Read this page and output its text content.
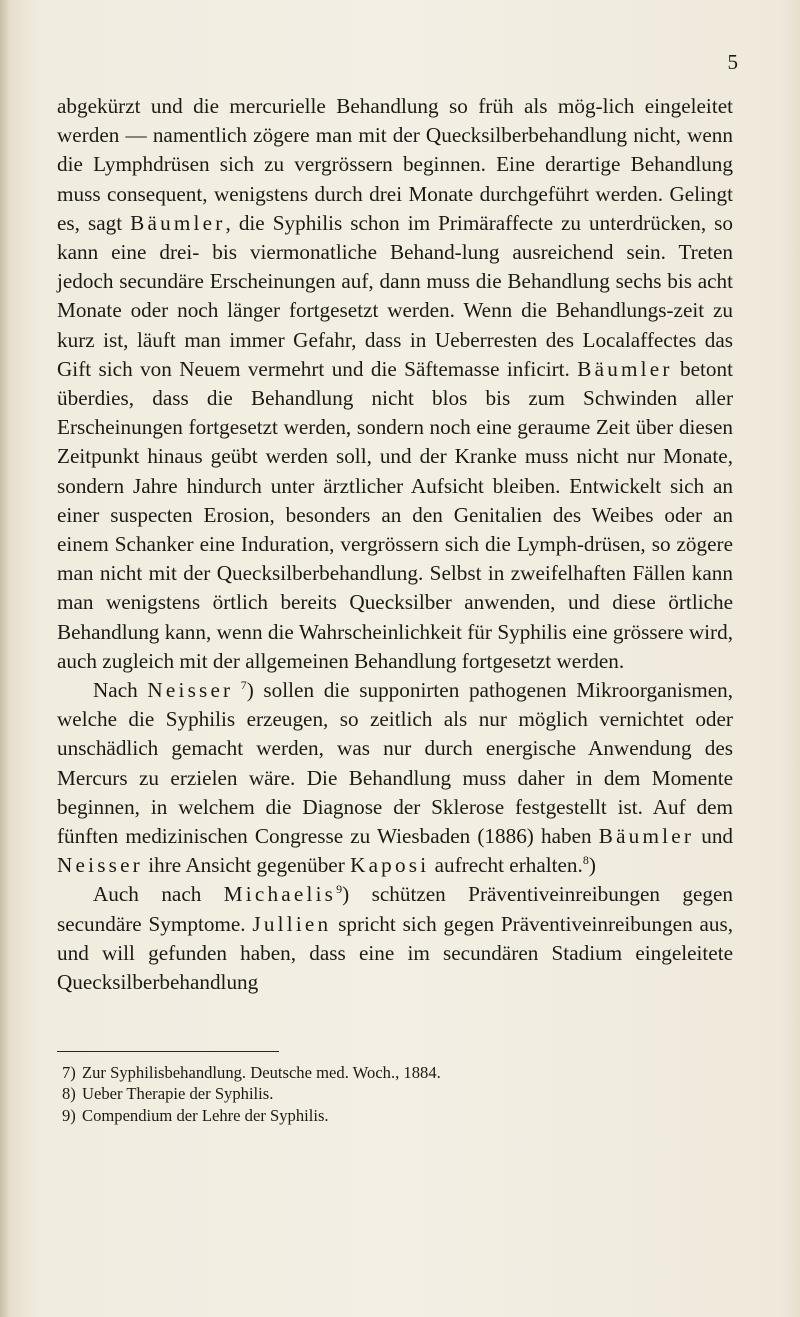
5

abgekürzt und die mercurielle Behandlung so früh als mög-lich eingeleitet werden — namentlich zögere man mit der Quecksilberbehandlung nicht, wenn die Lymphdrüsen sich zu vergrössern beginnen. Eine derartige Behandlung muss consequent, wenigstens durch drei Monate durchgeführt werden. Gelingt es, sagt Bäumler, die Syphilis schon im Primäraffecte zu unterdrücken, so kann eine drei- bis viermonatliche Behand-lung ausreichend sein. Treten jedoch secundäre Erscheinungen auf, dann muss die Behandlung sechs bis acht Monate oder noch länger fortgesetzt werden. Wenn die Behandlungs-zeit zu kurz ist, läuft man immer Gefahr, dass in Ueberresten des Localaffectes das Gift sich von Neuem vermehrt und die Säftemasse inficirt. Bäumler betont überdies, dass die Behandlung nicht blos bis zum Schwinden aller Erscheinungen fortgesetzt werden, sondern noch eine geraume Zeit über diesen Zeitpunkt hinaus geübt werden soll, und der Kranke muss nicht nur Monate, sondern Jahre hindurch unter ärztlicher Aufsicht bleiben. Entwickelt sich an einer suspecten Erosion, besonders an den Genitalien des Weibes oder an einem Schanker eine Induration, vergrössern sich die Lymph-drüsen, so zögere man nicht mit der Quecksilberbehandlung. Selbst in zweifelhaften Fällen kann man wenigstens örtlich bereits Quecksilber anwenden, und diese örtliche Behandlung kann, wenn die Wahrscheinlichkeit für Syphilis eine grössere wird, auch zugleich mit der allgemeinen Behandlung fortgesetzt werden.

Nach Neisser $^7$) sollen die supponirten pathogenen Mikroorganismen, welche die Syphilis erzeugen, so zeitlich als nur möglich vernichtet oder unschädlich gemacht werden, was nur durch energische Anwendung des Mercurs zu erzielen wäre. Die Behandlung muss daher in dem Momente beginnen, in welchem die Diagnose der Sklerose festgestellt ist. Auf dem fünften medizinischen Congresse zu Wiesbaden (1886) haben Bäumler und Neisser ihre Ansicht gegenüber Kaposi aufrecht erhalten.$^8$)

Auch nach Michaelis$^9$) schützen Präventiveinreibungen gegen secundäre Symptome. Jullien spricht sich gegen Präventiveinreibungen aus, und will gefunden haben, dass eine im secundären Stadium eingeleitete Quecksilberbehandlung

7) Zur Syphilisbehandlung. Deutsche med. Woch., 1884.
8) Ueber Therapie der Syphilis.
9) Compendium der Lehre der Syphilis.
